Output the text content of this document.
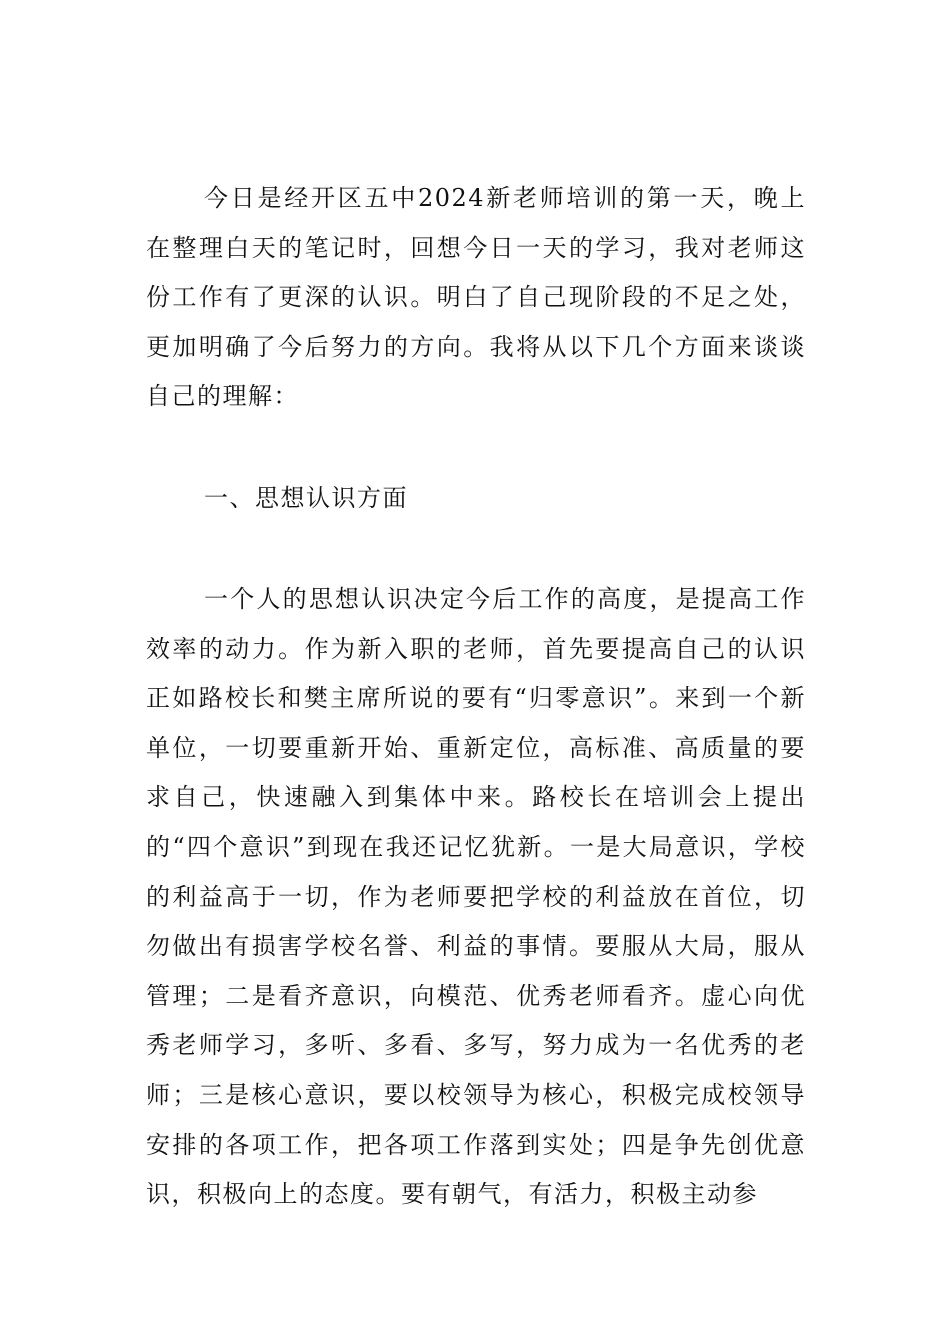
今日是经开区五中2024新老师培训的第一天，晚上在整理白天的笔记时，回想今日一天的学习，我对老师这份工作有了更深的认识。明白了自己现阶段的不足之处，更加明确了今后努力的方向。我将从以下几个方面来谈谈自己的理解：

一、思想认识方面

一个人的思想认识决定今后工作的高度，是提高工作效率的动力。作为新入职的老师，首先要提高自己的认识正如路校长和樊主席所说的要有“归零意识”。来到一个新单位，一切要重新开始、重新定位，高标准、高质量的要求自己，快速融入到集体中来。路校长在培训会上提出的“四个意识”到现在我还记忆犹新。一是大局意识，学校的利益高于一切，作为老师要把学校的利益放在首位，切勿做出有损害学校名誉、利益的事情。要服从大局，服从管理；二是看齐意识，向模范、优秀老师看齐。虚心向优秀老师学习，多听、多看、多写，努力成为一名优秀的老师；三是核心意识，要以校领导为核心，积极完成校领导安排的各项工作，把各项工作落到实处；四是争先创优意识，积极向上的态度。要有朝气，有活力，积极主动参
